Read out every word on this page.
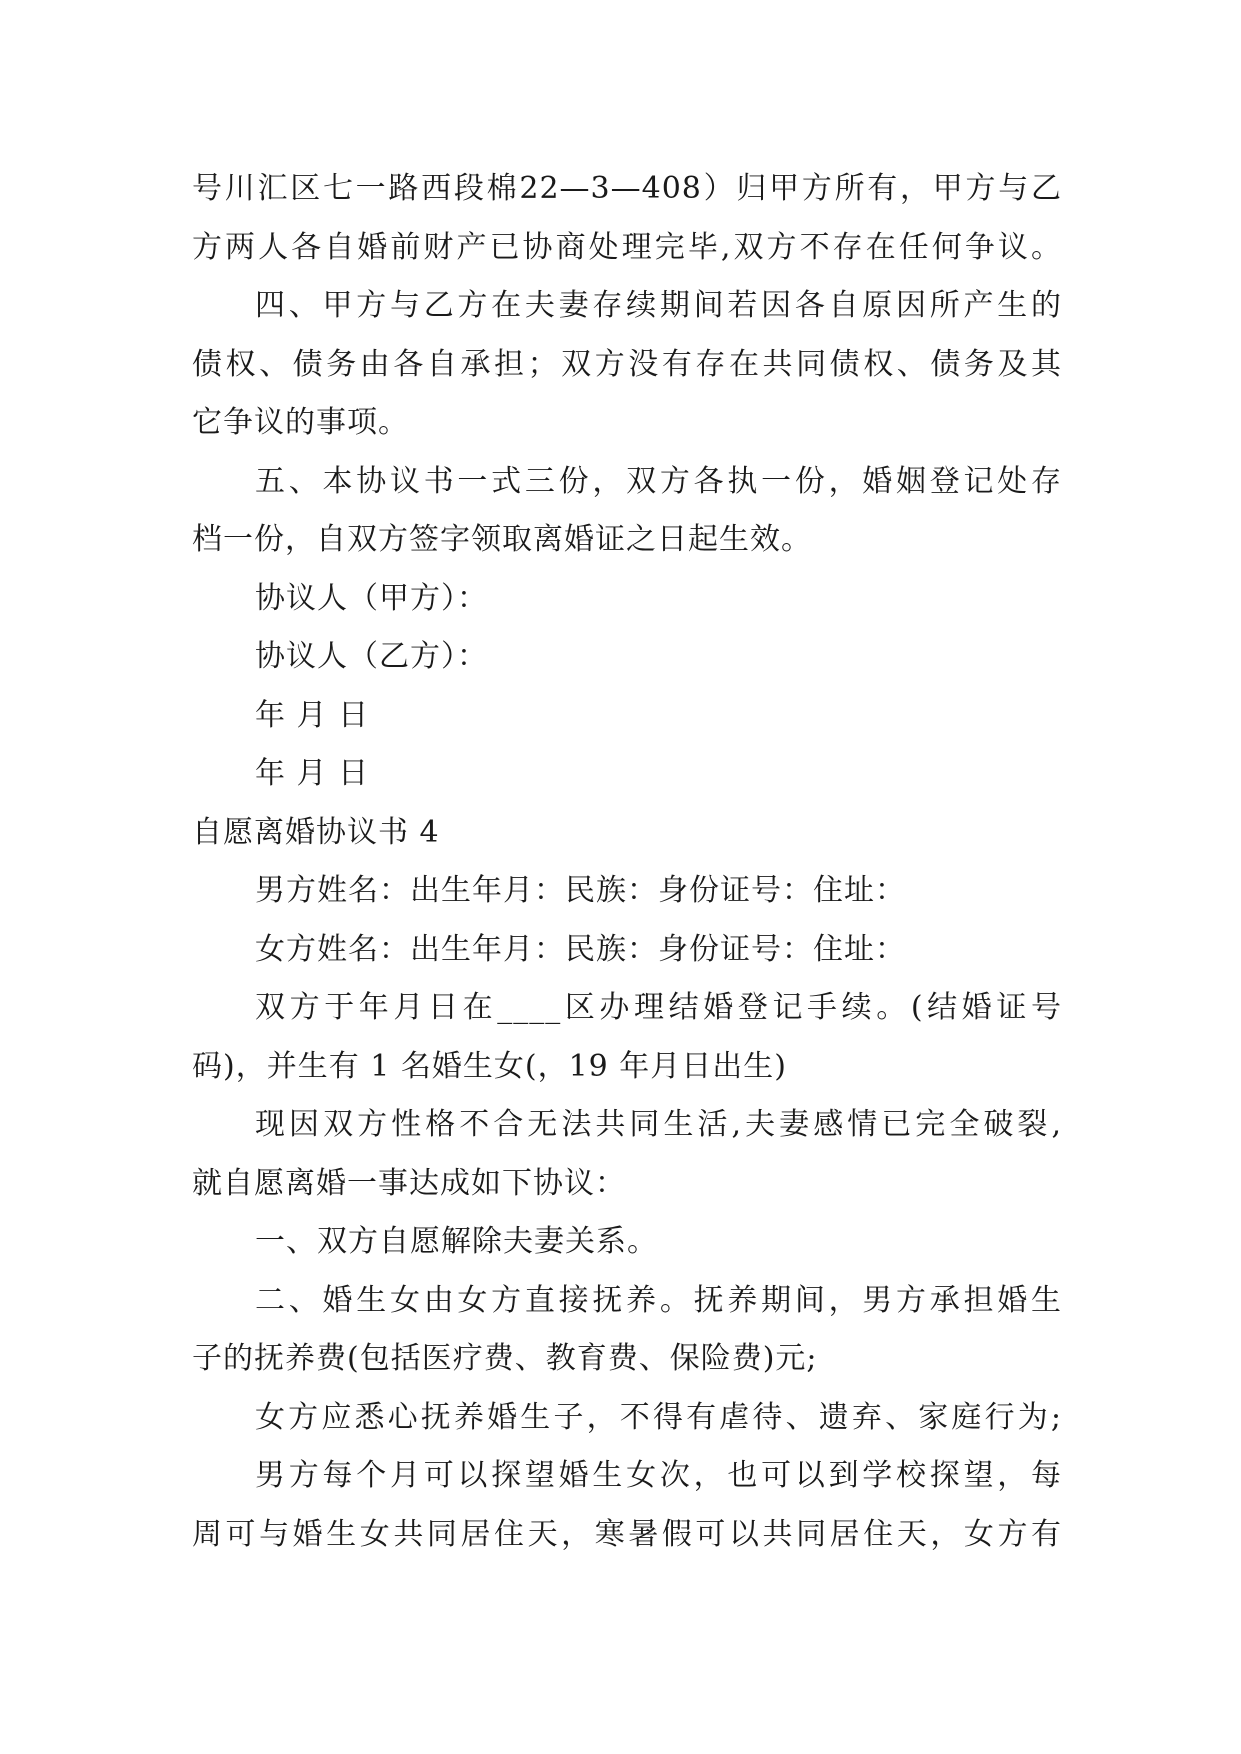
号川汇区七一路西段棉22—3—408）归甲方所有，甲方与乙
方两人各自婚前财产已协商处理完毕,双方不存在任何争议。
四、甲方与乙方在夫妻存续期间若因各自原因所产生的
债权、债务由各自承担；双方没有存在共同债权、债务及其
它争议的事项。
五、本协议书一式三份，双方各执一份，婚姻登记处存
档一份，自双方签字领取离婚证之日起生效。
协议人（甲方）：
协议人（乙方）：
年 月 日
年 月 日
自愿离婚协议书 4
男方姓名：出生年月：民族：身份证号：住址：
女方姓名：出生年月：民族：身份证号：住址：
双方于年月日在____区办理结婚登记手续。(结婚证号
码)，并生有 1 名婚生女(，19 年月日出生)
现因双方性格不合无法共同生活,夫妻感情已完全破裂,
就自愿离婚一事达成如下协议：
一、双方自愿解除夫妻关系。
二、婚生女由女方直接抚养。抚养期间，男方承担婚生
子的抚养费(包括医疗费、教育费、保险费)元;
女方应悉心抚养婚生子，不得有虐待、遗弃、家庭行为;
男方每个月可以探望婚生女次，也可以到学校探望，每
周可与婚生女共同居住天，寒暑假可以共同居住天，女方有
